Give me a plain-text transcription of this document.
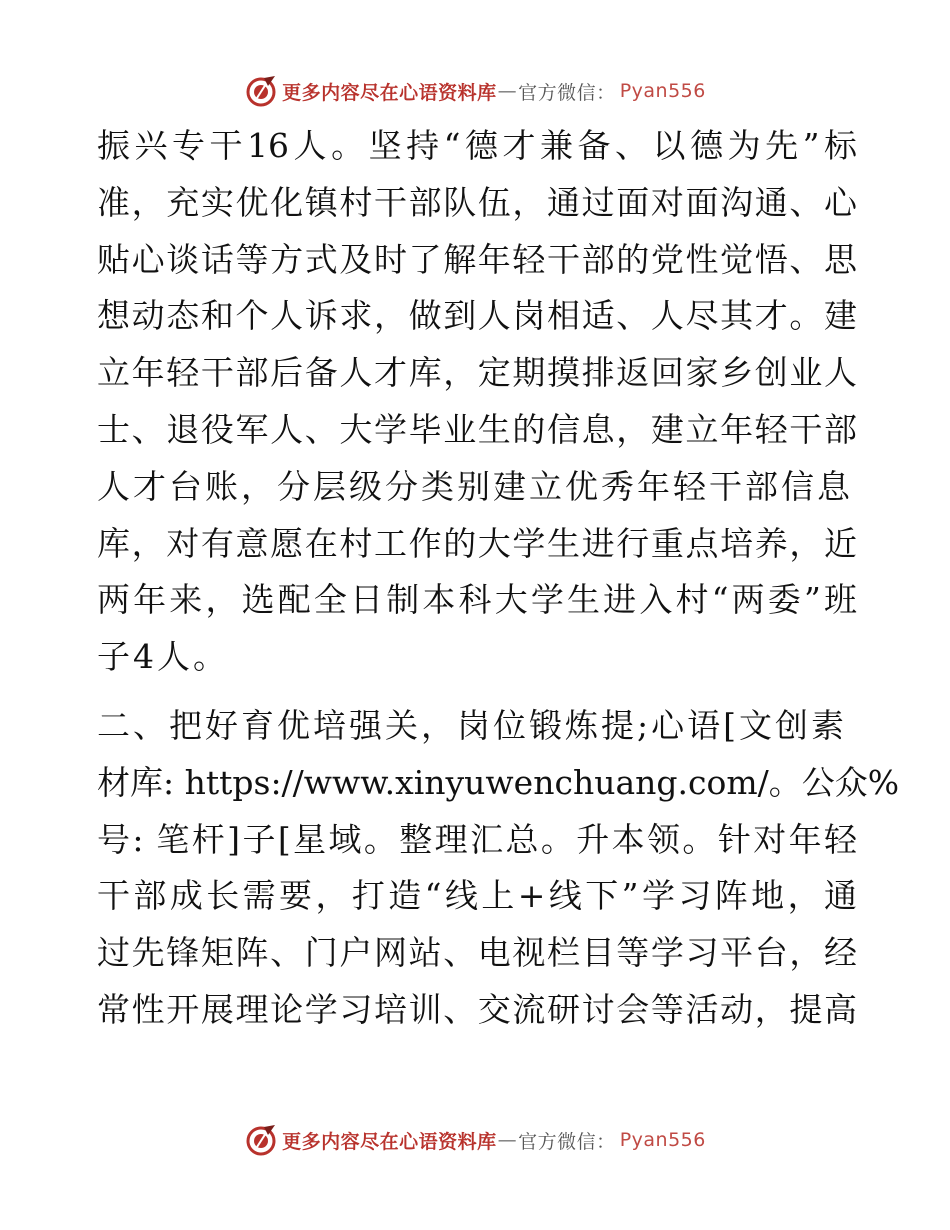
更多内容尽在心语资料库 — 官方微信： Pyan556
振兴专干16人。坚持“德才兼备、以德为先”标
准，充实优化镇村干部队伍，通过面对面沟通、心
贴心谈话等方式及时了解年轻干部的党性觉悟、思
想动态和个人诉求，做到人岗相适、人尽其才。建
立年轻干部后备人才库，定期摸排返回家乡创业人
士、退役军人、大学毕业生的信息，建立年轻干部
人才台账，分层级分类别建立优秀年轻干部信息
库，对有意愿在村工作的大学生进行重点培养，近
两年来，选配全日制本科大学生进入村“两委”班
子4人。
二、把好育优培强关，岗位锻炼提;心语[文创素
材库: https://www.xinyuwenchuang.com/。公众%
号: 笔杆]子[星域。整理汇总。升本领。针对年轻
干部成长需要，打造“线上+线下”学习阵地，通
过先锋矩阵、门户网站、电视栏目等学习平台，经
常性开展理论学习培训、交流研讨会等活动，提高
更多内容尽在心语资料库 — 官方微信： Pyan556
